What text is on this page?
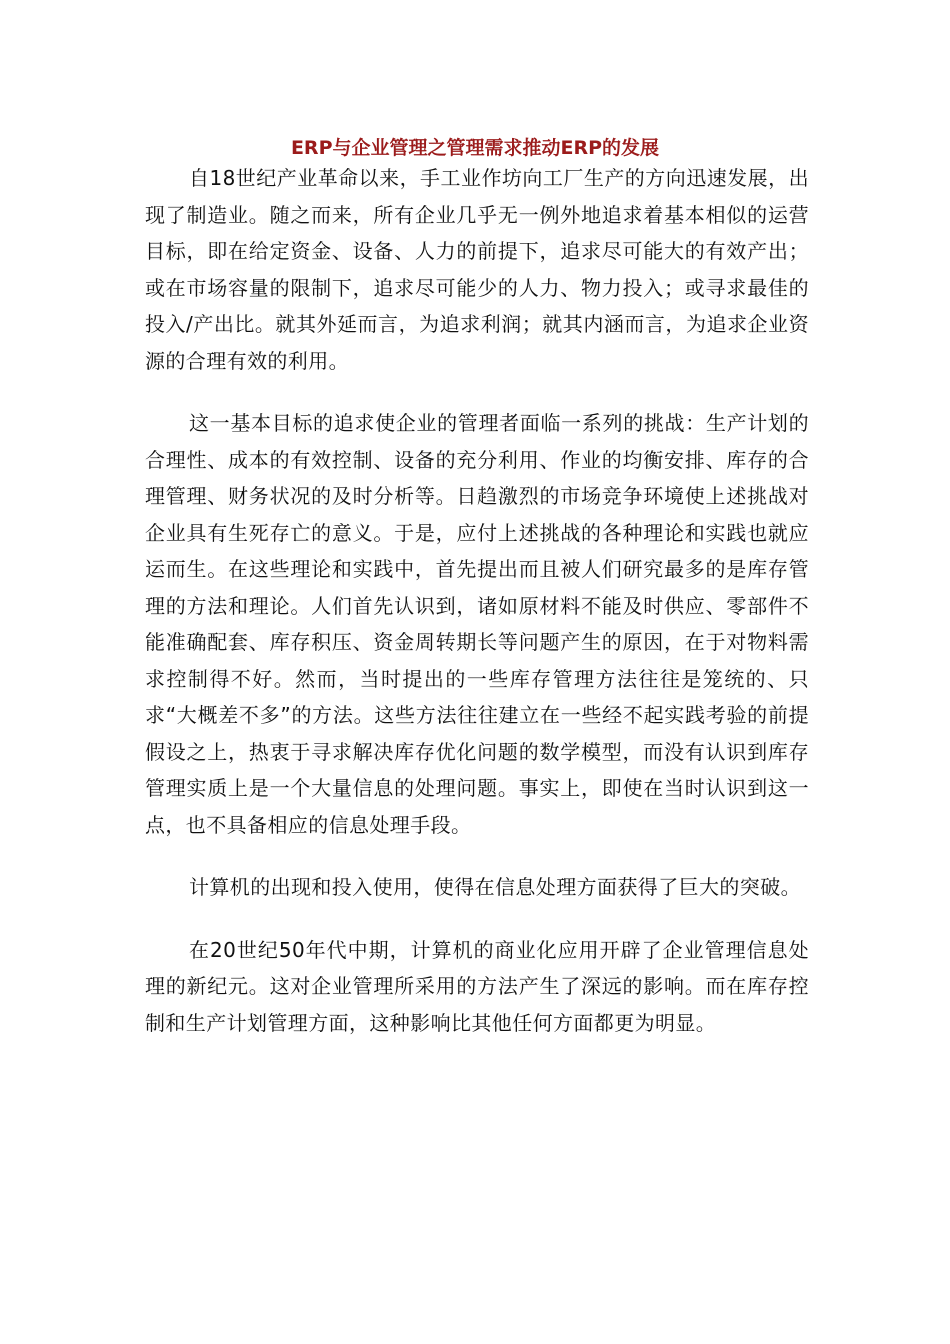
ERP与企业管理之管理需求推动ERP的发展

自18世纪产业革命以来，手工业作坊向工厂生产的方向迅速发展，出现了制造业。随之而来，所有企业几乎无一例外地追求着基本相似的运营目标，即在给定资金、设备、人力的前提下，追求尽可能大的有效产出；或在市场容量的限制下，追求尽可能少的人力、物力投入；或寻求最佳的投入/产出比。就其外延而言，为追求利润；就其内涵而言，为追求企业资源的合理有效的利用。

这一基本目标的追求使企业的管理者面临一系列的挑战：生产计划的合理性、成本的有效控制、设备的充分利用、作业的均衡安排、库存的合理管理、财务状况的及时分析等。日趋激烈的市场竞争环境使上述挑战对企业具有生死存亡的意义。于是，应付上述挑战的各种理论和实践也就应运而生。在这些理论和实践中，首先提出而且被人们研究最多的是库存管理的方法和理论。人们首先认识到，诸如原材料不能及时供应、零部件不能准确配套、库存积压、资金周转期长等问题产生的原因，在于对物料需求控制得不好。然而，当时提出的一些库存管理方法往往是笼统的、只求“大概差不多”的方法。这些方法往往建立在一些经不起实践考验的前提假设之上，热衷于寻求解决库存优化问题的数学模型，而没有认识到库存管理实质上是一个大量信息的处理问题。事实上，即使在当时认识到这一点，也不具备相应的信息处理手段。

计算机的出现和投入使用，使得在信息处理方面获得了巨大的突破。

在20世纪50年代中期，计算机的商业化应用开辟了企业管理信息处理的新纪元。这对企业管理所采用的方法产生了深远的影响。而在库存控制和生产计划管理方面，这种影响比其他任何方面都更为明显。
